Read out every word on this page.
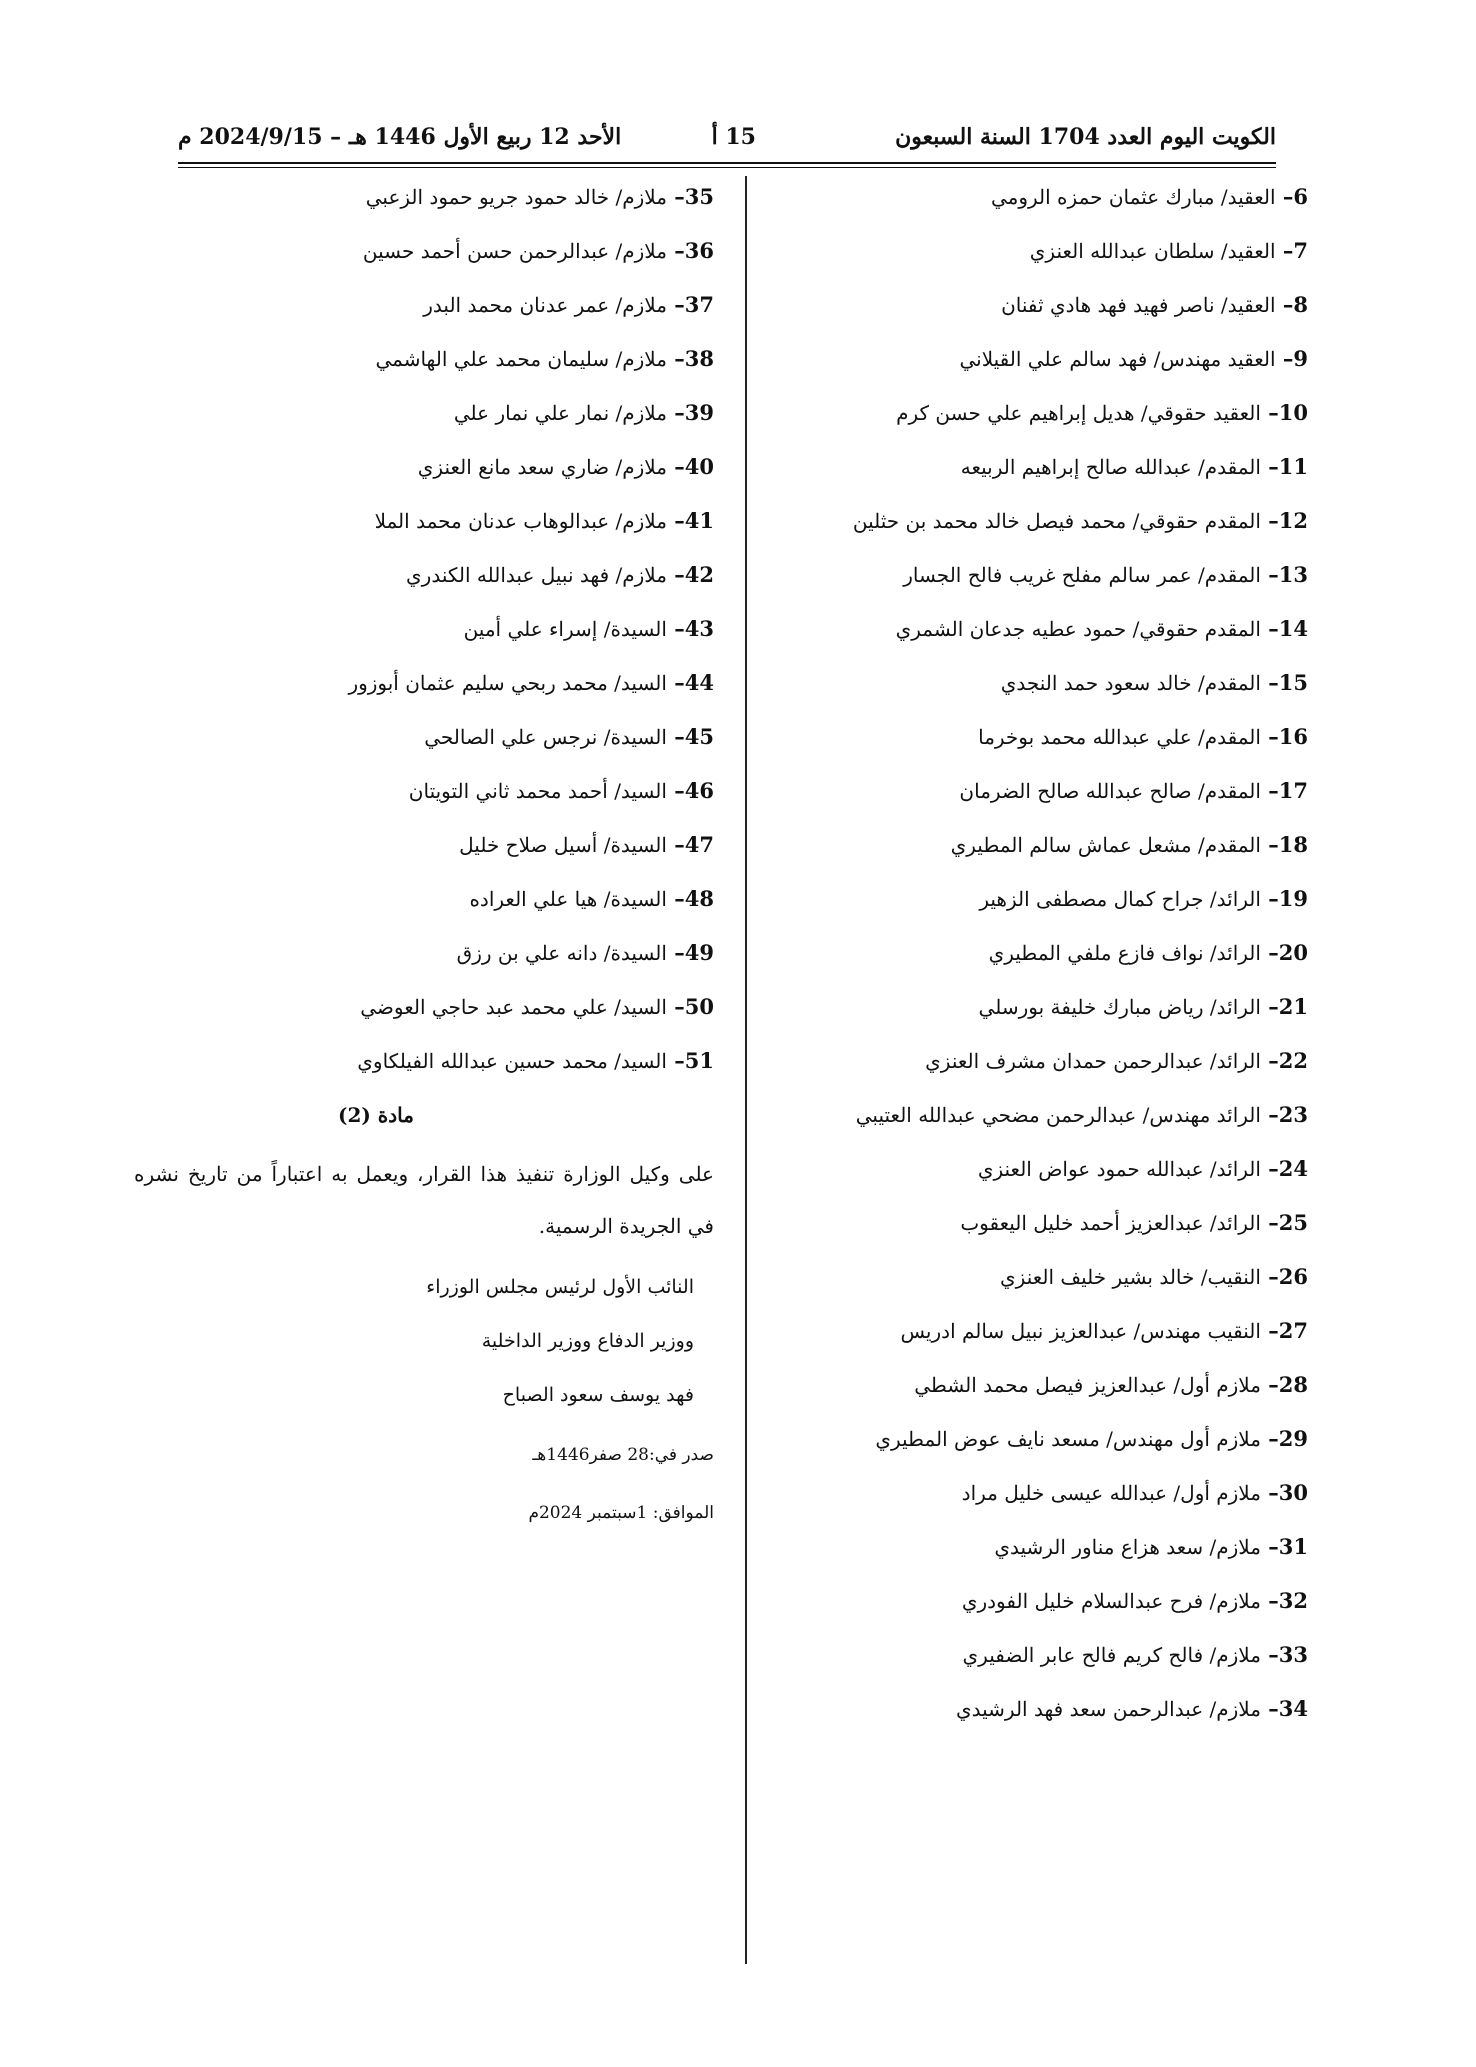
الكويت اليوم العدد 1704 السنة السبعون
15 أ
الأحد 12 ربيع الأول 1446 هـ – 2024/9/15 م
6– العقيد/ مبارك عثمان حمزه الرومي
7– العقيد/ سلطان عبدالله العنزي
8– العقيد/ ناصر فهيد فهد هادي ثفنان
9– العقيد مهندس/ فهد سالم علي القيلاني
10– العقيد حقوقي/ هديل إبراهيم علي حسن كرم
11– المقدم/ عبدالله صالح إبراهيم الربيعه
12– المقدم حقوقي/ محمد فيصل خالد محمد بن حثلين
13– المقدم/ عمر سالم مفلح غريب فالح الجسار
14– المقدم حقوقي/ حمود عطيه جدعان الشمري
15– المقدم/ خالد سعود حمد النجدي
16– المقدم/ علي عبدالله محمد بوخرما
17– المقدم/ صالح عبدالله صالح الضرمان
18– المقدم/ مشعل عماش سالم المطيري
19– الرائد/ جراح كمال مصطفى الزهير
20– الرائد/ نواف فازع ملفي المطيري
21– الرائد/ رياض مبارك خليفة بورسلي
22– الرائد/ عبدالرحمن حمدان مشرف العنزي
23– الرائد مهندس/ عبدالرحمن مضحي عبدالله العتيبي
24– الرائد/ عبدالله حمود عواض العنزي
25– الرائد/ عبدالعزيز أحمد خليل اليعقوب
26– النقيب/ خالد بشير خليف العنزي
27– النقيب مهندس/ عبدالعزيز نبيل سالم ادريس
28– ملازم أول/ عبدالعزيز فيصل محمد الشطي
29– ملازم أول مهندس/ مسعد نايف عوض المطيري
30– ملازم أول/ عبدالله عيسى خليل مراد
31– ملازم/ سعد هزاع مناور الرشيدي
32– ملازم/ فرح عبدالسلام خليل الفودري
33– ملازم/ فالح كريم فالح عابر الضفيري
34– ملازم/ عبدالرحمن سعد فهد الرشيدي
35– ملازم/ خالد حمود جريو حمود الزعبي
36– ملازم/ عبدالرحمن حسن أحمد حسين
37– ملازم/ عمر عدنان محمد البدر
38– ملازم/ سليمان محمد علي الهاشمي
39– ملازم/ نمار علي نمار علي
40– ملازم/ ضاري سعد مانع العنزي
41– ملازم/ عبدالوهاب عدنان محمد الملا
42– ملازم/ فهد نبيل عبدالله الكندري
43– السيدة/ إسراء علي أمين
44– السيد/ محمد ربحي سليم عثمان أبوزور
45– السيدة/ نرجس علي الصالحي
46– السيد/ أحمد محمد ثاني التويتان
47– السيدة/ أسيل صلاح خليل
48– السيدة/ هيا علي العراده
49– السيدة/ دانه علي بن رزق
50– السيد/ علي محمد عبد حاجي العوضي
51– السيد/ محمد حسين عبدالله الفيلكاوي
مادة (2)
على وكيل الوزارة تنفيذ هذا القرار، ويعمل به اعتباراً من تاريخ نشره في الجريدة الرسمية.
النائب الأول لرئيس مجلس الوزراء
ووزير الدفاع ووزير الداخلية
فهد يوسف سعود الصباح
صدر في:28 صفر1446هـ
الموافق: 1سبتمبر 2024م
